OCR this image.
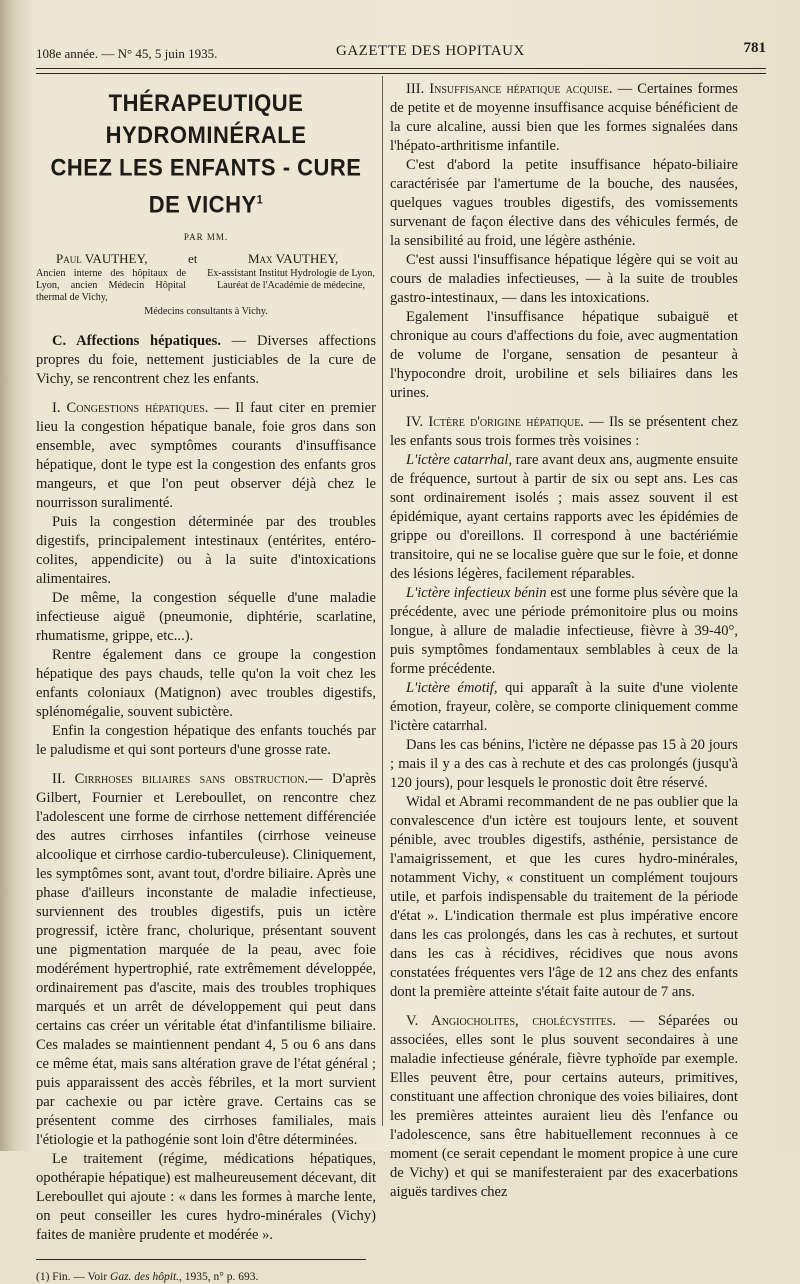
108e année. — N° 45, 5 juin 1935.	GAZETTE DES HOPITAUX	781
THÉRAPEUTIQUE HYDROMINÉRALE
CHEZ LES ENFANTS - CURE DE VICHY$^1$
PAR MM.
Paul VAUTHEY,	et	Max VAUTHEY,
Ancien interne des hôpitaux de Lyon, ancien Médecin Hôpital thermal de Vichy,
Ex-assistant Institut Hydrologie de Lyon, Lauréat de l'Académie de médecine,
Médecins consultants à Vichy.

C. Affections hépatiques. — Diverses affections propres du foie, nettement justiciables de la cure de Vichy, se rencontrent chez les enfants.

I. Congestions hépatiques. — Il faut citer en premier lieu la congestion hépatique banale, foie gros dans son ensemble, avec symptômes courants d'insuffisance hépatique, dont le type est la congestion des enfants gros mangeurs, et que l'on peut observer déjà chez le nourrisson suralimenté.

Puis la congestion déterminée par des troubles digestifs, principalement intestinaux (entérites, entéro-colites, appendicite) ou à la suite d'intoxications alimentaires.

De même, la congestion séquelle d'une maladie infectieuse aiguë (pneumonie, diphtérie, scarlatine, rhumatisme, grippe, etc...).

Rentre également dans ce groupe la congestion hépatique des pays chauds, telle qu'on la voit chez les enfants coloniaux (Matignon) avec troubles digestifs, splénomégalie, souvent subictère.

Enfin la congestion hépatique des enfants touchés par le paludisme et qui sont porteurs d'une grosse rate.

II. Cirrhoses biliaires sans obstruction.— D'après Gilbert, Fournier et Lereboullet, on rencontre chez l'adolescent une forme de cirrhose nettement différenciée des autres cirrhoses infantiles (cirrhose veineuse alcoolique et cirrhose cardio-tuberculeuse). Cliniquement, les symptômes sont, avant tout, d'ordre biliaire. Après une phase d'ailleurs inconstante de maladie infectieuse, surviennent des troubles digestifs, puis un ictère progressif, ictère franc, cholurique, présentant souvent une pigmentation marquée de la peau, avec foie modérément hypertrophié, rate extrêmement développée, ordinairement pas d'ascite, mais des troubles trophiques marqués et un arrêt de développement qui peut dans certains cas créer un véritable état d'infantilisme biliaire. Ces malades se maintiennent pendant 4, 5 ou 6 ans dans ce même état, mais sans altération grave de l'état général ; puis apparaissent des accès fébriles, et la mort survient par cachexie ou par ictère grave. Certains cas se présentent comme des cirrhoses familiales, mais l'étiologie et la pathogénie sont loin d'être déterminées.

Le traitement (régime, médications hépatiques, opothérapie hépatique) est malheureusement décevant, dit Lereboullet qui ajoute : « dans les formes à marche lente, on peut conseiller les cures hydro-minérales (Vichy) faites de manière prudente et modérée ».

(1) Fin. — Voir Gaz. des hôpit., 1935, n° p. 693.

III. Insuffisance hépatique acquise. — Certaines formes de petite et de moyenne insuffisance acquise bénéficient de la cure alcaline, aussi bien que les formes signalées dans l'hépato-arthritisme infantile.

C'est d'abord la petite insuffisance hépato-biliaire caractérisée par l'amertume de la bouche, des nausées, quelques vagues troubles digestifs, des vomissements survenant de façon élective dans des véhicules fermés, de la sensibilité au froid, une légère asthénie.

C'est aussi l'insuffisance hépatique légère qui se voit au cours de maladies infectieuses, — à la suite de troubles gastro-intestinaux, — dans les intoxications.

Egalement l'insuffisance hépatique subaiguë et chronique au cours d'affections du foie, avec augmentation de volume de l'organe, sensation de pesanteur à l'hypocondre droit, urobiline et sels biliaires dans les urines.

IV. Ictère d'origine hépatique. — Ils se présentent chez les enfants sous trois formes très voisines :

L'ictère catarrhal, rare avant deux ans, augmente ensuite de fréquence, surtout à partir de six ou sept ans. Les cas sont ordinairement isolés ; mais assez souvent il est épidémique, ayant certains rapports avec les épidémies de grippe ou d'oreillons. Il correspond à une bactériémie transitoire, qui ne se localise guère que sur le foie, et donne des lésions légères, facilement réparables.

L'ictère infectieux bénin est une forme plus sévère que la précédente, avec une période prémonitoire plus ou moins longue, à allure de maladie infectieuse, fièvre à 39-40°, puis symptômes fondamentaux semblables à ceux de la forme précédente.

L'ictère émotif, qui apparaît à la suite d'une violente émotion, frayeur, colère, se comporte cliniquement comme l'ictère catarrhal.

Dans les cas bénins, l'ictère ne dépasse pas 15 à 20 jours ; mais il y a des cas à rechute et des cas prolongés (jusqu'à 120 jours), pour lesquels le pronostic doit être réservé.

Widal et Abrami recommandent de ne pas oublier que la convalescence d'un ictère est toujours lente, et souvent pénible, avec troubles digestifs, asthénie, persistance de l'amaigrissement, et que les cures hydro-minérales, notamment Vichy, « constituent un complément toujours utile, et parfois indispensable du traitement de la période d'état ». L'indication thermale est plus impérative encore dans les cas prolongés, dans les cas à rechutes, et surtout dans les cas à récidives, récidives que nous avons constatées fréquentes vers l'âge de 12 ans chez des enfants dont la première atteinte s'était faite autour de 7 ans.

V. Angiocholites, cholécystites. — Séparées ou associées, elles sont le plus souvent secondaires à une maladie infectieuse générale, fièvre typhoïde par exemple. Elles peuvent être, pour certains auteurs, primitives, constituant une affection chronique des voies biliaires, dont les premières atteintes auraient lieu dès l'enfance ou l'adolescence, sans être habituellement reconnues à ce moment (ce serait cependant le moment propice à une cure de Vichy) et qui se manifesteraient par des exacerbations aiguës tardives chez
